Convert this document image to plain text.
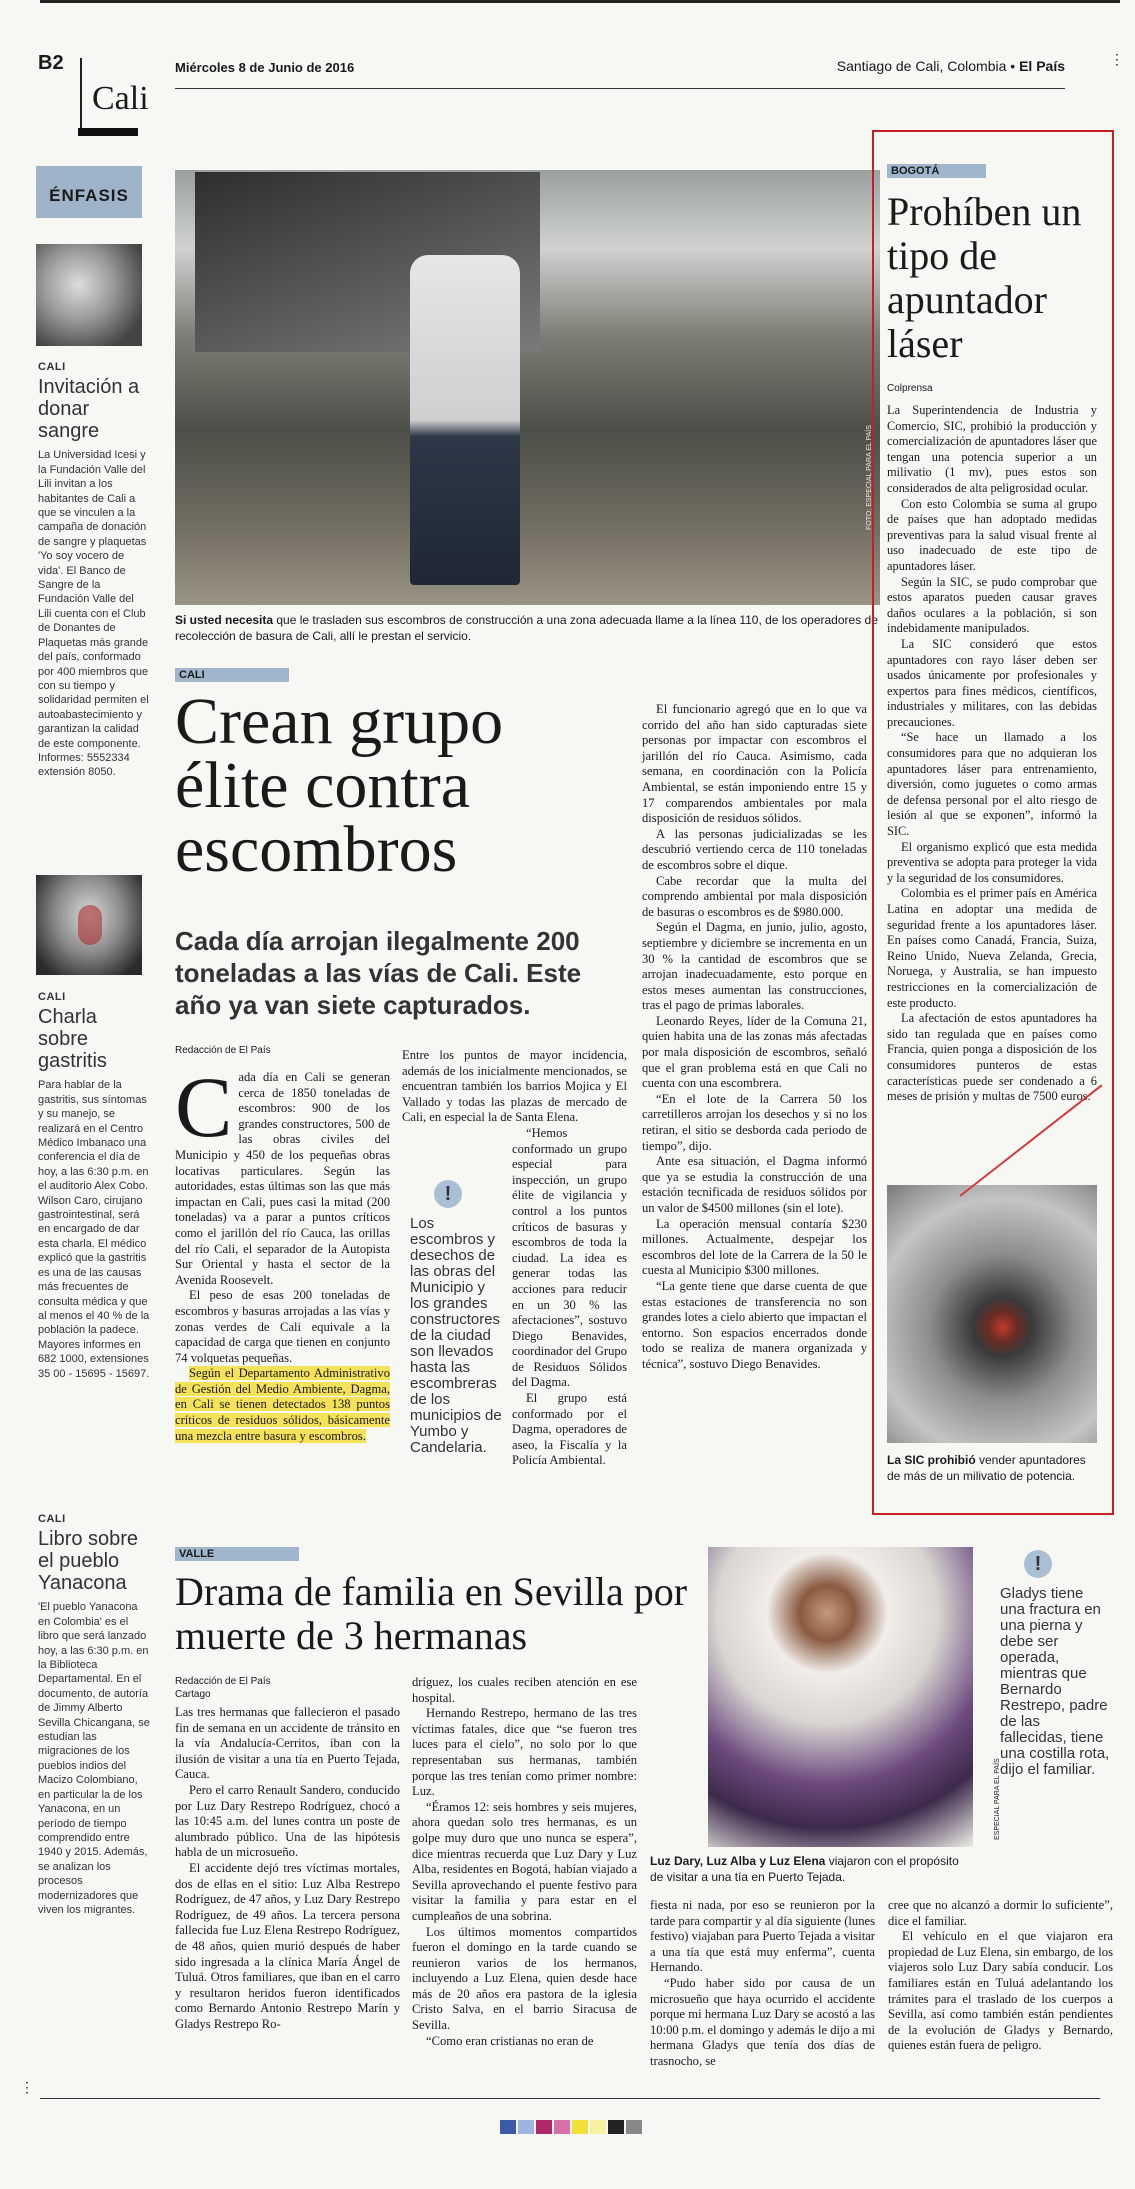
B2
Cali
Miércoles 8 de Junio de 2016	Santiago de Cali, Colombia • El País	⋮
ÉNFASIS
CALI
Invitación a donar sangre
La Universidad Icesi y la Fundación Valle del Lili invitan a los habitantes de Cali a que se vinculen a la campaña de donación de sangre y plaquetas 'Yo soy vocero de vida'. El Banco de Sangre de la Fundación Valle del Lili cuenta con el Club de Donantes de Plaquetas más grande del país, conformado por 400 miembros que con su tiempo y solidaridad permiten el autoabastecimiento y garantizan la calidad de este componente. Informes: 5552334 extensión 8050.
CALI
Charla sobre gastritis
Para hablar de la gastritis, sus síntomas y su manejo, se realizará en el Centro Médico Imbanaco una conferencia el día de hoy, a las 6:30 p.m. en el auditorio Alex Cobo. Wilson Caro, cirujano gastrointestinal, será en encargado de dar esta charla. El médico explicó que la gastritis es una de las causas más frecuentes de consulta médica y que al menos el 40 % de la población la padece. Mayores informes en 682 1000, extensiones 35 00 - 15695 - 15697.
CALI
Libro sobre el pueblo Yanacona
'El pueblo Yanacona en Colombia' es el libro que será lanzado hoy, a las 6:30 p.m. en la Biblioteca Departamental. En el documento, de autoría de Jimmy Alberto Sevilla Chicangana, se estudian las migraciones de los pueblos indios del Macizo Colombiano, en particular la de los Yanacona, en un período de tiempo comprendido entre 1940 y 2015. Además, se analizan los procesos modernizadores que viven los migrantes.
FOTO: ESPECIAL PARA EL PAÍS
Si usted necesita que le trasladen sus escombros de construcción a una zona adecuada llame a la línea 110, de los operadores de recolección de basura de Cali, allí le prestan el servicio.
CALI
Crean grupo élite contra escombros
Cada día arrojan ilegalmente 200 toneladas a las vías de Cali. Este año ya van siete capturados.
Redacción de El País

Cada día en Cali se generan cerca de 1850 toneladas de escombros: 900 de los grandes constructores, 500 de las obras civiles del Municipio y 450 de los pequeñas obras locativas particulares. Según las autoridades, estas últimas son las que más impactan en Cali, pues casi la mitad (200 toneladas) va a parar a puntos críticos como el jarillón del río Cauca, las orillas del río Cali, el separador de la Autopista Sur Oriental y hasta el sector de la Avenida Roosevelt.

El peso de esas 200 toneladas de escombros y basuras arrojadas a las vías y zonas verdes de Cali equivale a la capacidad de carga que tienen en conjunto 74 volquetas pequeñas.

Según el Departamento Administrativo de Gestión del Medio Ambiente, Dagma, en Cali se tienen detectados 138 puntos críticos de residuos sólidos, básicamente una mezcla entre basura y escombros.

Entre los puntos de mayor incidencia, además de los inicialmente mencionados, se encuentran también los barrios Mojica y El Vallado y todas las plazas de mercado de Cali, en especial la de Santa Elena.

“Hemos conformado un grupo especial para inspección, un grupo élite de vigilancia y control a los puntos críticos de basuras y escombros de toda la ciudad. La idea es generar todas las acciones para reducir en un 30 % las afectaciones”, sostuvo Diego Benavides, coordinador del Grupo de Residuos Sólidos del Dagma.

El grupo está conformado por el Dagma, operadores de aseo, la Fiscalía y la Policía Ambiental.

!
Los escombros y desechos de las obras del Municipio y los grandes constructores de la ciudad son llevados hasta las escombreras de los municipios de Yumbo y Candelaria.

El funcionario agregó que en lo que va corrido del año han sido capturadas siete personas por impactar con escombros el jarillón del río Cauca. Asimismo, cada semana, en coordinación con la Policía Ambiental, se están imponiendo entre 15 y 17 comparendos ambientales por mala disposición de residuos sólidos.

A las personas judicializadas se les descubrió vertiendo cerca de 110 toneladas de escombros sobre el dique.

Cabe recordar que la multa del comprendo ambiental por mala disposición de basuras o escombros es de $980.000.

Según el Dagma, en junio, julio, agosto, septiembre y diciembre se incrementa en un 30 % la cantidad de escombros que se arrojan inadecuadamente, esto porque en estos meses aumentan las construcciones, tras el pago de primas laborales.

Leonardo Reyes, líder de la Comuna 21, quien habita una de las zonas más afectadas por mala disposición de escombros, señaló que el gran problema está en que Cali no cuenta con una escombrera.

“En el lote de la Carrera 50 los carretilleros arrojan los desechos y si no los retiran, el sitio se desborda cada periodo de tiempo”, dijo.

Ante esa situación, el Dagma informó que ya se estudia la construcción de una estación tecnificada de residuos sólidos por un valor de $4500 millones (sin el lote).

La operación mensual contaría $230 millones. Actualmente, despejar los escombros del lote de la Carrera de la 50 le cuesta al Municipio $300 millones.

“La gente tiene que darse cuenta de que estas estaciones de transferencia no son grandes lotes a cielo abierto que impactan el entorno. Son espacios encerrados donde todo se realiza de manera organizada y técnica”, sostuvo Diego Benavides.

BOGOTÁ
Prohíben un tipo de apuntador láser
Colprensa

La Superintendencia de Industria y Comercio, SIC, prohibió la producción y comercialización de apuntadores láser que tengan una potencia superior a un milivatio (1 mv), pues estos son considerados de alta peligrosidad ocular.

Con esto Colombia se suma al grupo de países que han adoptado medidas preventivas para la salud visual frente al uso inadecuado de este tipo de apuntadores láser.

Según la SIC, se pudo comprobar que estos aparatos pueden causar graves daños oculares a la población, si son indebidamente manipulados.

La SIC consideró que estos apuntadores con rayo láser deben ser usados únicamente por profesionales y expertos para fines médicos, científicos, industriales y militares, con las debidas precauciones.

“Se hace un llamado a los consumidores para que no adquieran los apuntadores láser para entrenamiento, diversión, como juguetes o como armas de defensa personal por el alto riesgo de lesión al que se exponen”, informó la SIC.

El organismo explicó que esta medida preventiva se adopta para proteger la vida y la seguridad de los consumidores.

Colombia es el primer país en América Latina en adoptar una medida de seguridad frente a los apuntadores láser. En países como Canadá, Francia, Suiza, Reino Unido, Nueva Zelanda, Grecia, Noruega, y Australia, se han impuesto restricciones en la comercialización de este producto.

La afectación de estos apuntadores ha sido tan regulada que en países como Francia, quien ponga a disposición de los consumidores punteros de estas características puede ser condenado a 6 meses de prisión y multas de 7500 euros.

La SIC prohibió vender apuntadores de más de un milivatio de potencia.
VALLE
Drama de familia en Sevilla por muerte de 3 hermanas
Redacción de El País
Cartago

Las tres hermanas que fallecieron el pasado fin de semana en un accidente de tránsito en la vía Andalucía-Cerritos, iban con la ilusión de visitar a una tía en Puerto Tejada, Cauca.

Pero el carro Renault Sandero, conducido por Luz Dary Restrepo Rodríguez, chocó a las 10:45 a.m. del lunes contra un poste de alumbrado público. Una de las hipótesis habla de un microsueño.

El accidente dejó tres víctimas mortales, dos de ellas en el sitio: Luz Alba Restrepo Rodríguez, de 47 años, y Luz Dary Restrepo Rodríguez, de 49 años. La tercera persona fallecida fue Luz Elena Restrepo Rodríguez, de 48 años, quien murió después de haber sido ingresada a la clínica María Ángel de Tuluá. Otros familiares, que iban en el carro y resultaron heridos fueron identificados como Bernardo Antonio Restrepo Marín y Gladys Restrepo Ro-

dríguez, los cuales reciben atención en ese hospital.

Hernando Restrepo, hermano de las tres víctimas fatales, dice que “se fueron tres luces para el cielo”, no solo por lo que representaban sus hermanas, también porque las tres tenían como primer nombre: Luz.

“Éramos 12: seis hombres y seis mujeres, ahora quedan solo tres hermanas, es un golpe muy duro que uno nunca se espera”, dice mientras recuerda que Luz Dary y Luz Alba, residentes en Bogotá, habían viajado a Sevilla aprovechando el puente festivo para visitar la familia y para estar en el cumpleaños de una sobrina.

Los últimos momentos compartidos fueron el domingo en la tarde cuando se reunieron varios de los hermanos, incluyendo a Luz Elena, quien desde hace más de 20 años era pastora de la iglesia Cristo Salva, en el barrio Siracusa de Sevilla.

“Como eran cristianas no eran de

ESPECIAL PARA EL PAÍS
Luz Dary, Luz Alba y Luz Elena viajaron con el propósito de visitar a una tía en Puerto Tejada.
!
Gladys tiene una fractura en una pierna y debe ser operada, mientras que Bernardo Restrepo, padre de las fallecidas, tiene una costilla rota, dijo el familiar.

fiesta ni nada, por eso se reunieron por la tarde para compartir y al día siguiente (lunes festivo) viajaban para Puerto Tejada a visitar a una tía que está muy enferma”, cuenta Hernando.

“Pudo haber sido por causa de un microsueño que haya ocurrido el accidente porque mi hermana Luz Dary se acostó a las 10:00 p.m. el domingo y además le dijo a mi hermana Gladys que tenía dos días de trasnocho, se

cree que no alcanzó a dormir lo suficiente”, dice el familiar.

El vehículo en el que viajaron era propiedad de Luz Elena, sin embargo, de los viajeros solo Luz Dary sabía conducir. Los familiares están en Tuluá adelantando los trámites para el traslado de los cuerpos a Sevilla, así como también están pendientes de la evolución de Gladys y Bernardo, quienes están fuera de peligro.

⋮
